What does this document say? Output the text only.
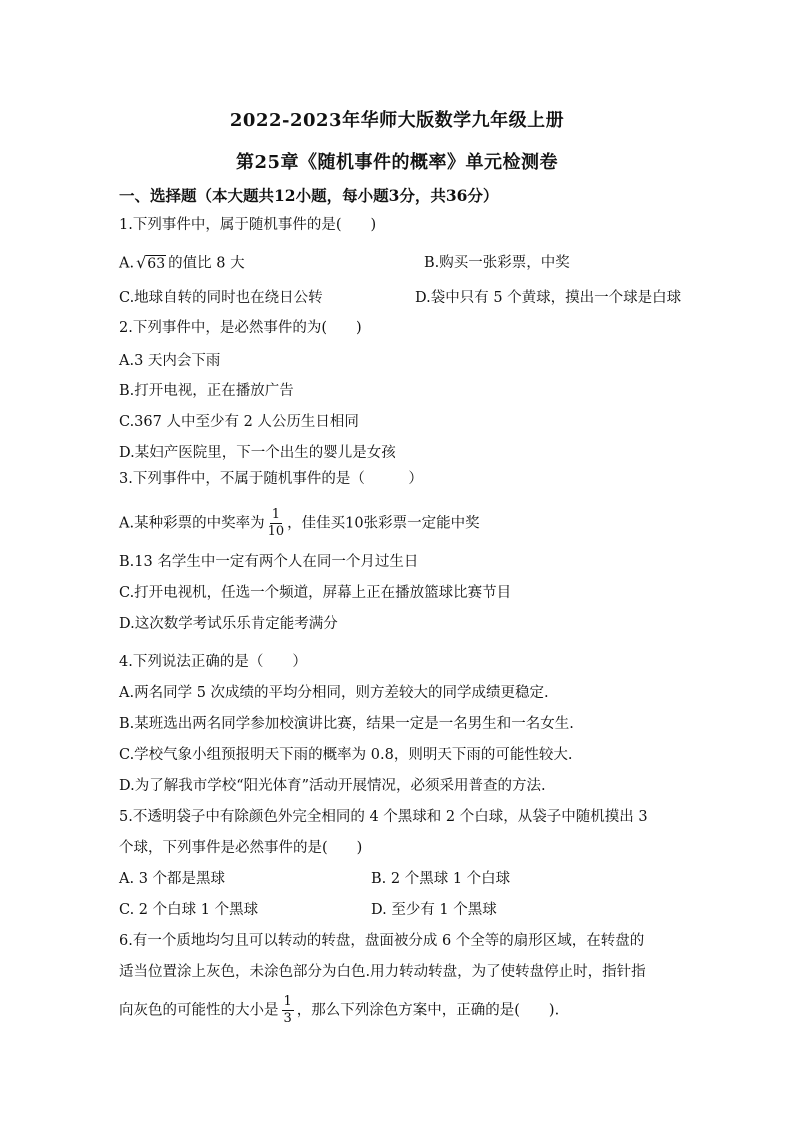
2022-2023年华师大版数学九年级上册
第25章《随机事件的概率》单元检测卷
一、选择题（本大题共12小题，每小题3分，共36分）
1.下列事件中，属于随机事件的是(　　)
A. √63 的值比 8 大	B.购买一张彩票，中奖
C.地球自转的同时也在绕日公转	D.袋中只有 5 个黄球，摸出一个球是白球
2.下列事件中，是必然事件的为(　　)
A.3 天内会下雨
B.打开电视，正在播放广告
C.367 人中至少有 2 人公历生日相同
D.某妇产医院里，下一个出生的婴儿是女孩
3.下列事件中，不属于随机事件的是（　　　）
A.某种彩票的中奖率为 $\frac{1}{10}$ ，佳佳买10张彩票一定能中奖
B.13 名学生中一定有两个人在同一个月过生日
C.打开电视机，任选一个频道，屏幕上正在播放篮球比赛节目
D.这次数学考试乐乐肯定能考满分
4.下列说法正确的是（　　）
A.两名同学 5 次成绩的平均分相同，则方差较大的同学成绩更稳定.
B.某班选出两名同学参加校演讲比赛，结果一定是一名男生和一名女生.
C.学校气象小组预报明天下雨的概率为 0.8，则明天下雨的可能性较大.
D.为了解我市学校“阳光体育”活动开展情况，必须采用普查的方法.
5.不透明袋子中有除颜色外完全相同的 4 个黑球和 2 个白球，从袋子中随机摸出 3
个球，下列事件是必然事件的是(　　)
A. 3 个都是黑球	B. 2 个黑球 1 个白球
C. 2 个白球 1 个黑球	D. 至少有 1 个黑球
6.有一个质地均匀且可以转动的转盘，盘面被分成 6 个全等的扇形区域，在转盘的
适当位置涂上灰色，未涂色部分为白色.用力转动转盘，为了使转盘停止时，指针指
向灰色的可能性的大小是 $\frac{1}{3}$ ，那么下列涂色方案中，正确的是(　　).
